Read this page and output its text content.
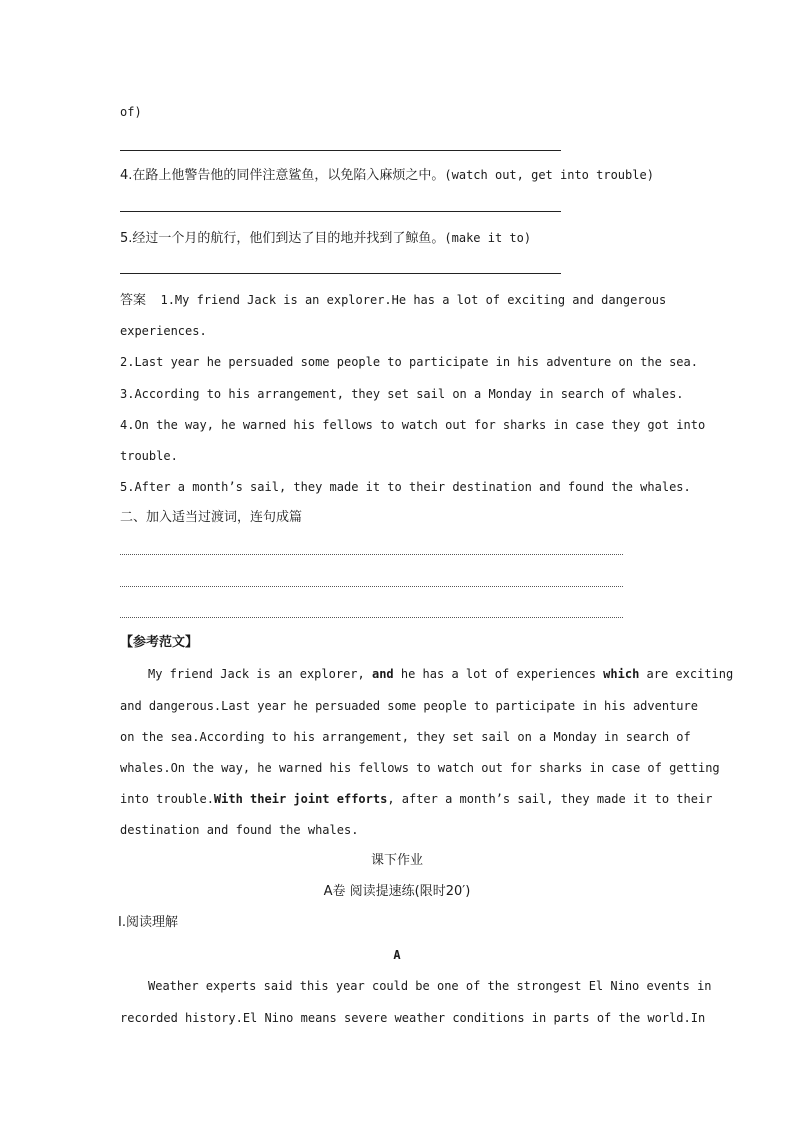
of)
4.在路上他警告他的同伴注意鲨鱼，以免陷入麻烦之中。(watch out, get into trouble)
5.经过一个月的航行，他们到达了目的地并找到了鲸鱼。(make it to)
答案 1.My friend Jack is an explorer.He has a lot of exciting and dangerous
experiences.
2.Last year he persuaded some people to participate in his adventure on the sea.
3.According to his arrangement, they set sail on a Monday in search of whales.
4.On the way, he warned his fellows to watch out for sharks in case they got into
trouble.
5.After a month’s sail, they made it to their destination and found the whales.
二、加入适当过渡词，连句成篇
【参考范文】
My friend Jack is an explorer, and he has a lot of experiences which are exciting
and dangerous.Last year he persuaded some people to participate in his adventure
on the sea.According to his arrangement, they set sail on a Monday in search of
whales.On the way, he warned his fellows to watch out for sharks in case of getting
into trouble.With their joint efforts, after a month’s sail, they made it to their
destination and found the whales.
课下作业
A卷 阅读提速练(限时20′)
Ⅰ.阅读理解
A
Weather experts said this year could be one of the strongest El Nino events in
recorded history.El Nino means severe weather conditions in parts of the world.In
